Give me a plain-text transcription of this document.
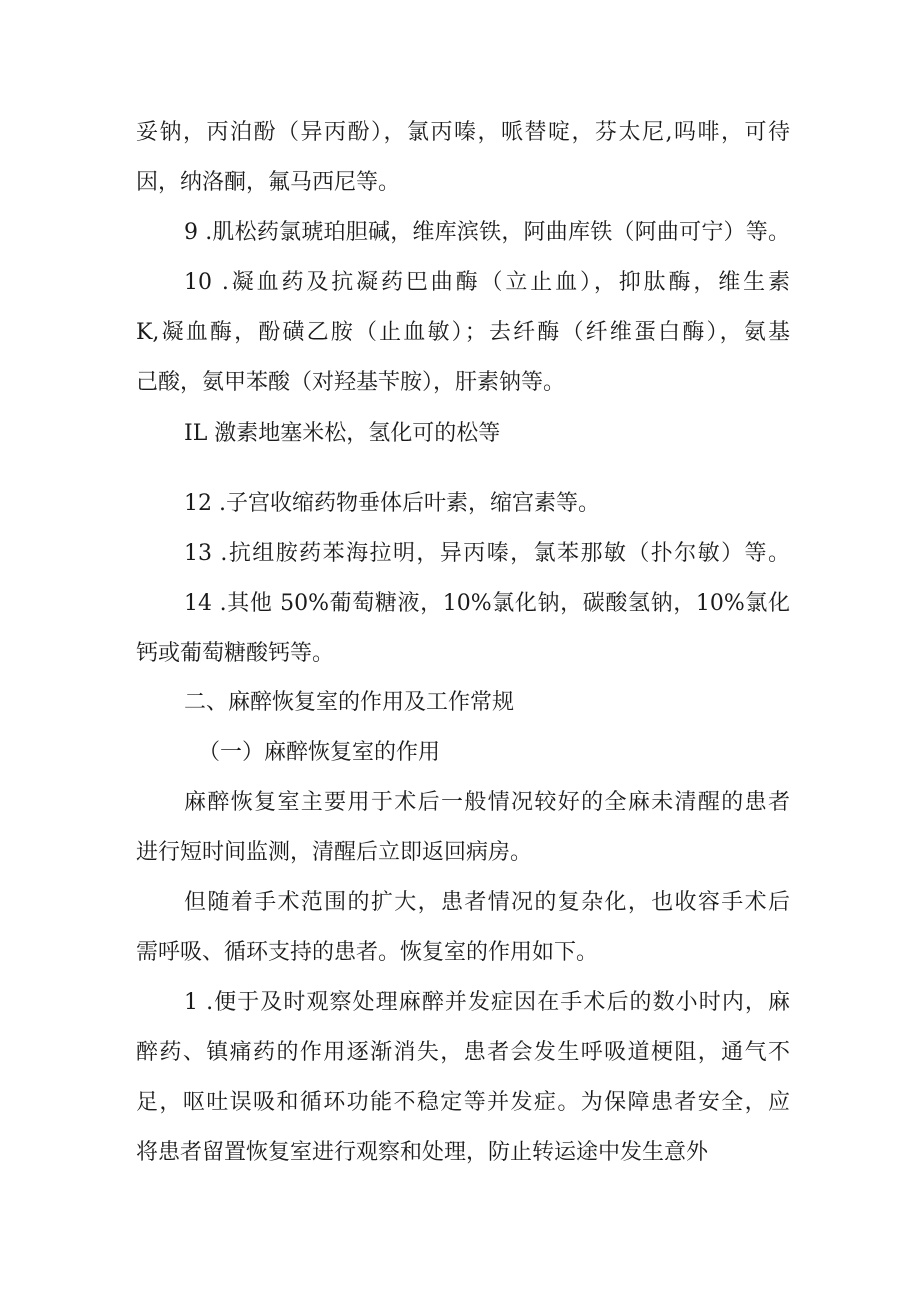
妥钠，丙泊酚（异丙酚），氯丙嗪，哌替啶，芬太尼,吗啡，可待
因，纳洛酮，氟马西尼等。
9 .肌松药氯琥珀胆碱，维库滨铁，阿曲库铁（阿曲可宁）等。
10 .凝血药及抗凝药巴曲酶（立止血），抑肽酶，维生素
K,凝血酶，酚磺乙胺（止血敏）；去纤酶（纤维蛋白酶），氨基
己酸，氨甲苯酸（对羟基苄胺），肝素钠等。
IL 激素地塞米松，氢化可的松等
12 .子宫收缩药物垂体后叶素，缩宫素等。
13 .抗组胺药苯海拉明，异丙嗪，氯苯那敏（扑尔敏）等。
14 .其他 50%葡萄糖液，10%氯化钠，碳酸氢钠，10%氯化
钙或葡萄糖酸钙等。
二、麻醉恢复室的作用及工作常规
（一）麻醉恢复室的作用
麻醉恢复室主要用于术后一般情况较好的全麻未清醒的患者
进行短时间监测，清醒后立即返回病房。
但随着手术范围的扩大，患者情况的复杂化，也收容手术后
需呼吸、循环支持的患者。恢复室的作用如下。
1 .便于及时观察处理麻醉并发症因在手术后的数小时内，麻
醉药、镇痛药的作用逐渐消失，患者会发生呼吸道梗阻，通气不
足，呕吐误吸和循环功能不稳定等并发症。为保障患者安全，应
将患者留置恢复室进行观察和处理，防止转运途中发生意外
